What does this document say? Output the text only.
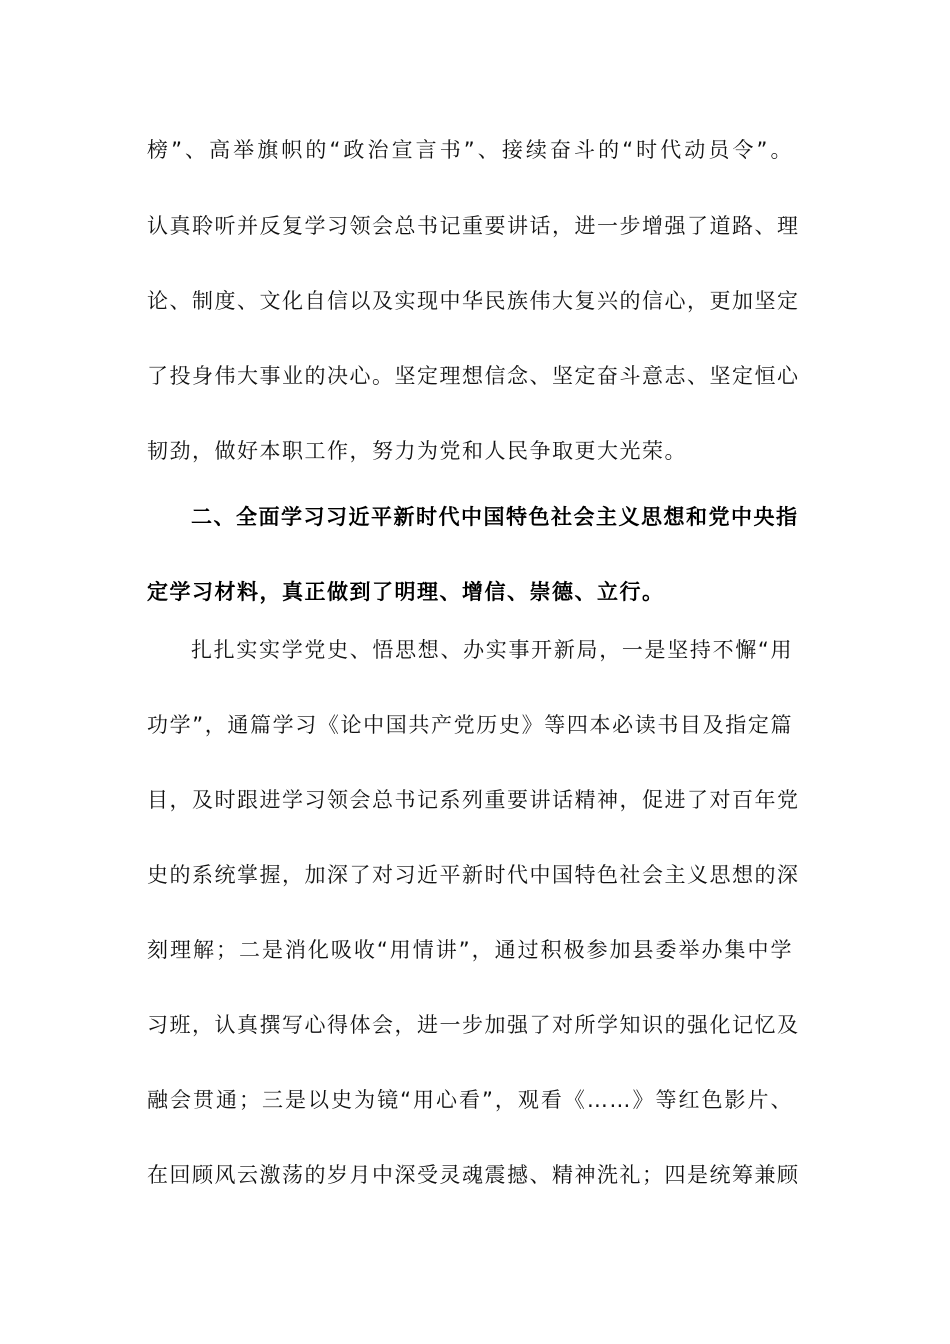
榜”、高举旗帜的“政治宣言书”、接续奋斗的“时代动员令”。
认真聆听并反复学习领会总书记重要讲话，进一步增强了道路、理
论、制度、文化自信以及实现中华民族伟大复兴的信心，更加坚定
了投身伟大事业的决心。坚定理想信念、坚定奋斗意志、坚定恒心
韧劲，做好本职工作，努力为党和人民争取更大光荣。
二、全面学习习近平新时代中国特色社会主义思想和党中央指
定学习材料，真正做到了明理、增信、崇德、立行。
扎扎实实学党史、悟思想、办实事开新局，一是坚持不懈“用
功学”，通篇学习《论中国共产党历史》等四本必读书目及指定篇
目，及时跟进学习领会总书记系列重要讲话精神，促进了对百年党
史的系统掌握，加深了对习近平新时代中国特色社会主义思想的深
刻理解；二是消化吸收“用情讲”，通过积极参加县委举办集中学
习班，认真撰写心得体会，进一步加强了对所学知识的强化记忆及
融会贯通；三是以史为镜“用心看”，观看《……》等红色影片、
在回顾风云激荡的岁月中深受灵魂震撼、精神洗礼；四是统筹兼顾
